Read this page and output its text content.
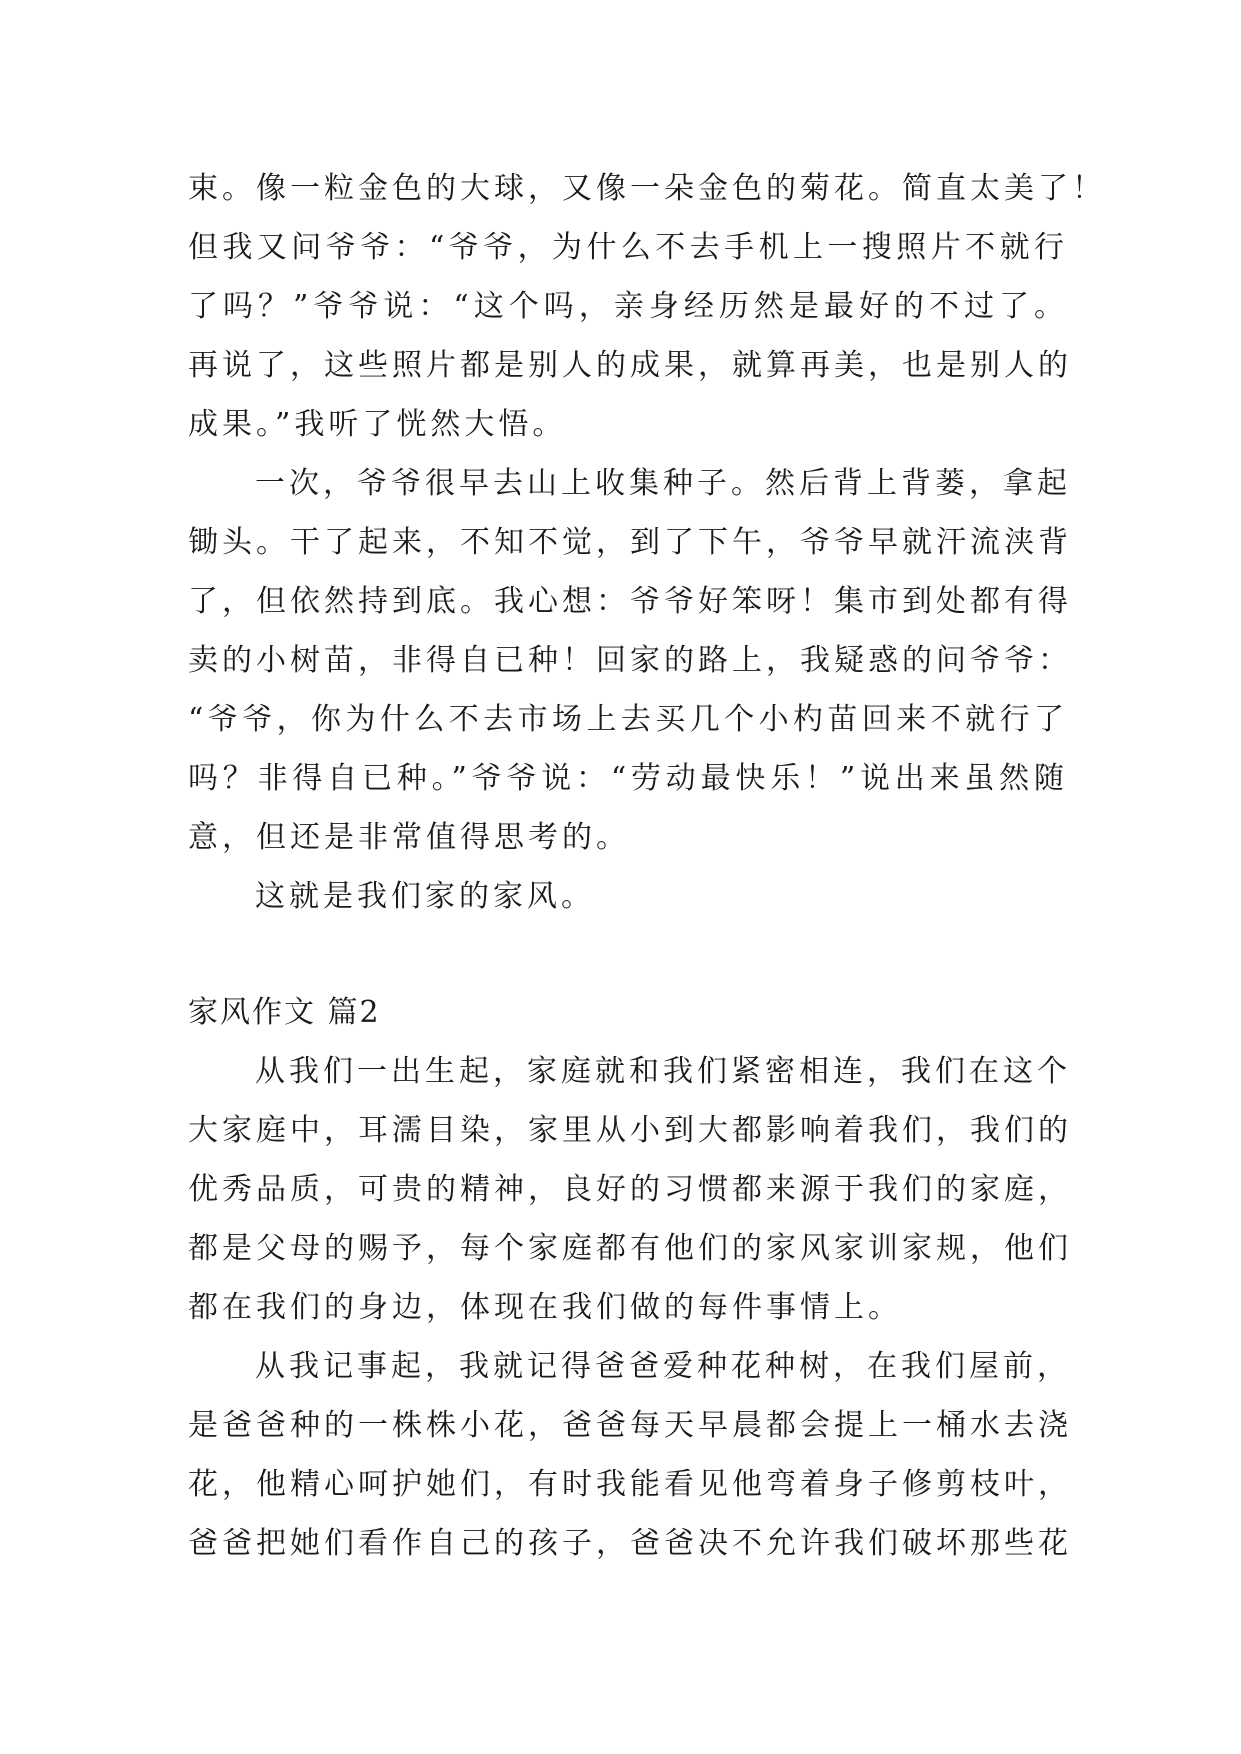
束。像一粒金色的大球，又像一朵金色的菊花。简直太美了！
但我又问爷爷：“爷爷，为什么不去手机上一搜照片不就行
了吗？”爷爷说：“这个吗，亲身经历然是最好的不过了。
再说了，这些照片都是别人的成果，就算再美，也是别人的
成果。”我听了恍然大悟。
一次，爷爷很早去山上收集种子。然后背上背蒌，拿起
锄头。干了起来，不知不觉，到了下午，爷爷早就汗流浃背
了，但依然持到底。我心想：爷爷好笨呀！集市到处都有得
卖的小树苗，非得自已种！回家的路上，我疑惑的问爷爷：
“爷爷，你为什么不去市场上去买几个小杓苗回来不就行了
吗？非得自已种。”爷爷说：“劳动最快乐！”说出来虽然随
意，但还是非常值得思考的。
这就是我们家的家风。
家风作文 篇2
从我们一出生起，家庭就和我们紧密相连，我们在这个
大家庭中，耳濡目染，家里从小到大都影响着我们，我们的
优秀品质，可贵的精神，良好的习惯都来源于我们的家庭，
都是父母的赐予，每个家庭都有他们的家风家训家规，他们
都在我们的身边，体现在我们做的每件事情上。
从我记事起，我就记得爸爸爱种花种树，在我们屋前，
是爸爸种的一株株小花，爸爸每天早晨都会提上一桶水去浇
花，他精心呵护她们，有时我能看见他弯着身子修剪枝叶，
爸爸把她们看作自己的孩子，爸爸决不允许我们破坏那些花
